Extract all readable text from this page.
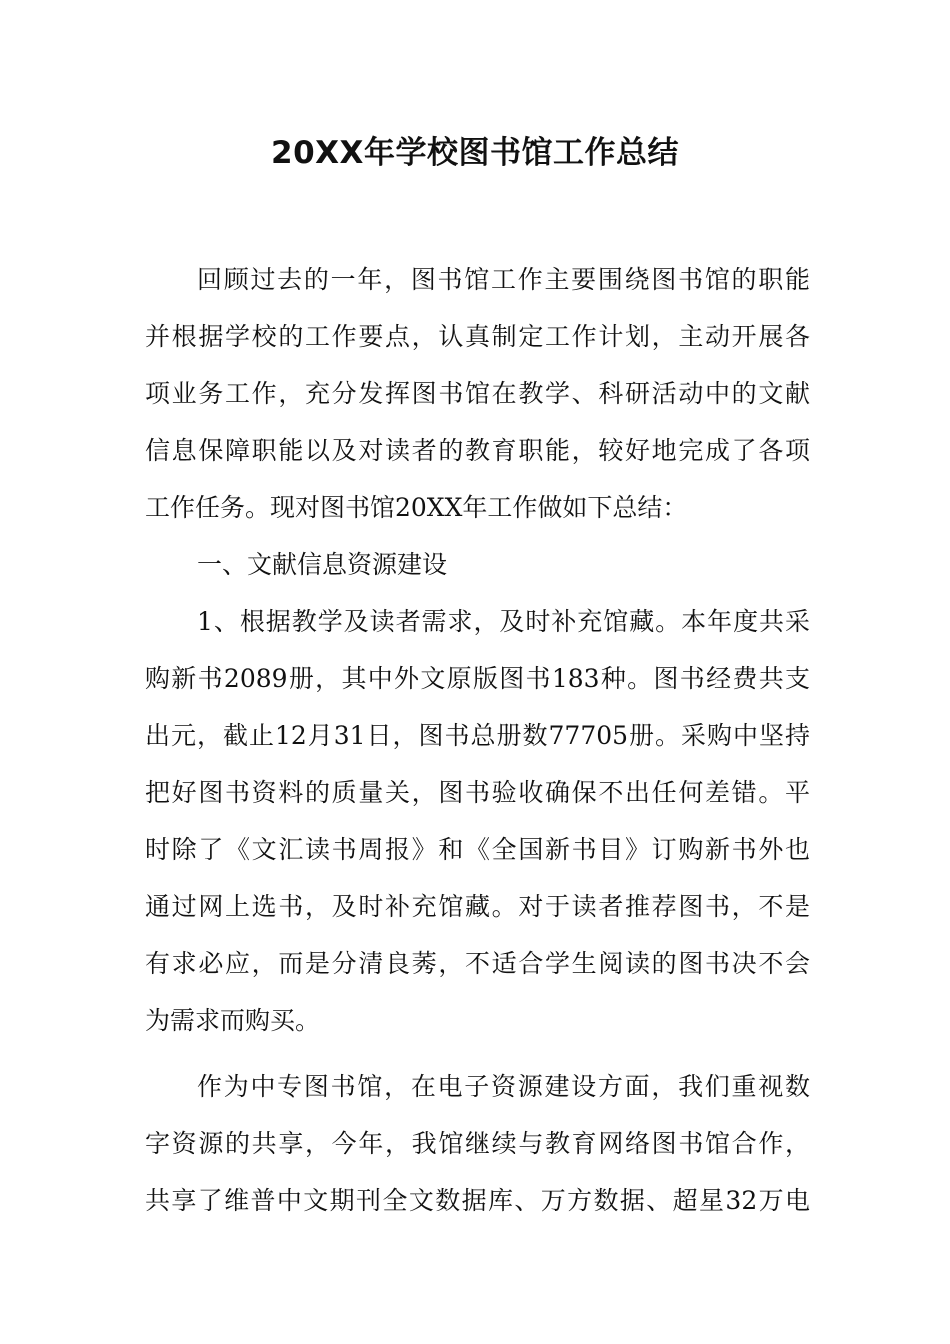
20XX年学校图书馆工作总结
回顾过去的一年，图书馆工作主要围绕图书馆的职能
并根据学校的工作要点，认真制定工作计划，主动开展各
项业务工作，充分发挥图书馆在教学、科研活动中的文献
信息保障职能以及对读者的教育职能，较好地完成了各项
工作任务。现对图书馆20XX年工作做如下总结：
一、文献信息资源建设
1、根据教学及读者需求，及时补充馆藏。本年度共采
购新书2089册，其中外文原版图书183种。图书经费共支
出元，截止12月31日，图书总册数77705册。采购中坚持
把好图书资料的质量关，图书验收确保不出任何差错。平
时除了《文汇读书周报》和《全国新书目》订购新书外也
通过网上选书，及时补充馆藏。对于读者推荐图书，不是
有求必应，而是分清良莠，不适合学生阅读的图书决不会
为需求而购买。
作为中专图书馆，在电子资源建设方面，我们重视数
字资源的共享，今年，我馆继续与教育网络图书馆合作，
共享了维普中文期刊全文数据库、万方数据、超星32万电
